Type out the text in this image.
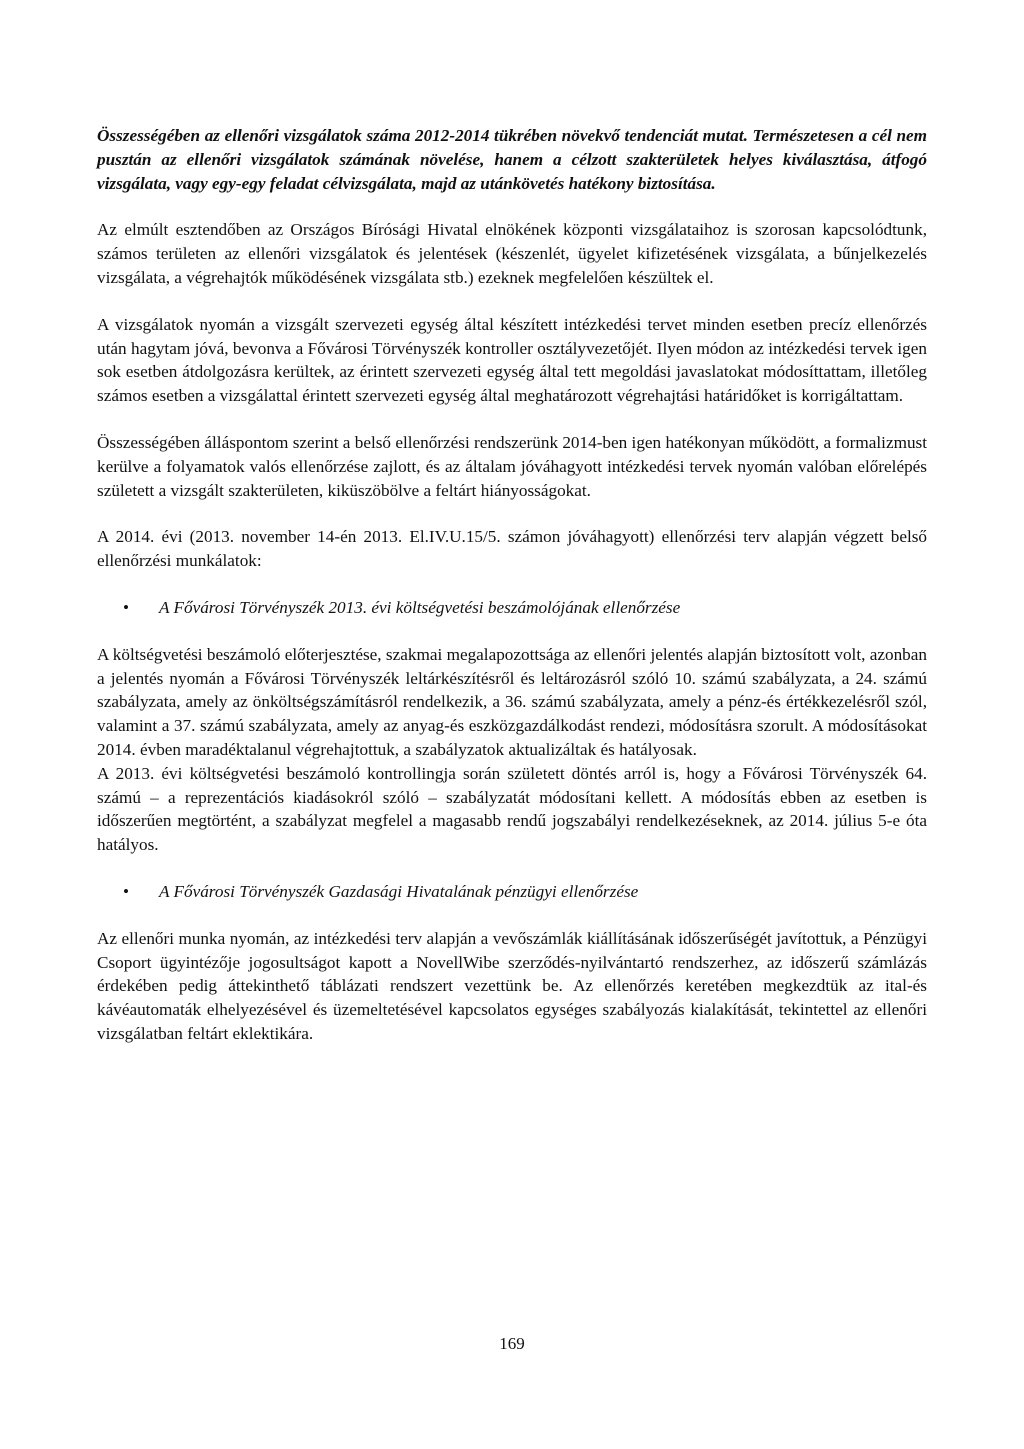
Összességében az ellenőri vizsgálatok száma 2012-2014 tükrében növekvő tendenciát mutat. Természetesen a cél nem pusztán az ellenőri vizsgálatok számának növelése, hanem a célzott szakterületek helyes kiválasztása, átfogó vizsgálata, vagy egy-egy feladat célvizsgálata, majd az utánkövetés hatékony biztosítása.

Az elmúlt esztendőben az Országos Bírósági Hivatal elnökének központi vizsgálataihoz is szorosan kapcsolódtunk, számos területen az ellenőri vizsgálatok és jelentések (készenlét, ügyelet kifizetésének vizsgálata, a bűnjelkezelés vizsgálata, a végrehajtók működésének vizsgálata stb.) ezeknek megfelelően készültek el.

A vizsgálatok nyomán a vizsgált szervezeti egység által készített intézkedési tervet minden esetben precíz ellenőrzés után hagytam jóvá, bevonva a Fővárosi Törvényszék kontroller osztályvezetőjét. Ilyen módon az intézkedési tervek igen sok esetben átdolgozásra kerültek, az érintett szervezeti egység által tett megoldási javaslatokat módosíttattam, illetőleg számos esetben a vizsgálattal érintett szervezeti egység által meghatározott végrehajtási határidőket is korrigáltattam.

Összességében álláspontom szerint a belső ellenőrzési rendszerünk 2014-ben igen hatékonyan működött, a formalizmust kerülve a folyamatok valós ellenőrzése zajlott, és az általam jóváhagyott intézkedési tervek nyomán valóban előrelépés született a vizsgált szakterületen, kiküszöbölve a feltárt hiányosságokat.

A 2014. évi (2013. november 14-én 2013. El.IV.U.15/5. számon jóváhagyott) ellenőrzési terv alapján végzett belső ellenőrzési munkálatok:

•	A Fővárosi Törvényszék 2013. évi költségvetési beszámolójának ellenőrzése

A költségvetési beszámoló előterjesztése, szakmai megalapozottsága az ellenőri jelentés alapján biztosított volt, azonban a jelentés nyomán a Fővárosi Törvényszék leltárkészítésről és leltározásról szóló 10. számú szabályzata, a 24. számú szabályzata, amely az önköltségszámításról rendelkezik, a 36. számú szabályzata, amely a pénz-és értékkezelésről szól, valamint a 37. számú szabályzata, amely az anyag-és eszközgazdálkodást rendezi, módosításra szorult. A módosításokat 2014. évben maradéktalanul végrehajtottuk, a szabályzatok aktualizáltak és hatályosak.

A 2013. évi költségvetési beszámoló kontrollingja során született döntés arról is, hogy a Fővárosi Törvényszék 64. számú – a reprezentációs kiadásokról szóló – szabályzatát módosítani kellett. A módosítás ebben az esetben is időszerűen megtörtént, a szabályzat megfelel a magasabb rendű jogszabályi rendelkezéseknek, az 2014. július 5-e óta hatályos.

•	A Fővárosi Törvényszék Gazdasági Hivatalának pénzügyi ellenőrzése

Az ellenőri munka nyomán, az intézkedési terv alapján a vevőszámlák kiállításának időszerűségét javítottuk, a Pénzügyi Csoport ügyintézője jogosultságot kapott a NovellWibe szerződés-nyilvántartó rendszerhez, az időszerű számlázás érdekében pedig áttekinthető táblázati rendszert vezettünk be. Az ellenőrzés keretében megkezdtük az ital-és kávéautomaták elhelyezésével és üzemeltetésével kapcsolatos egységes szabályozás kialakítását, tekintettel az ellenőri vizsgálatban feltárt eklektikára.

169
